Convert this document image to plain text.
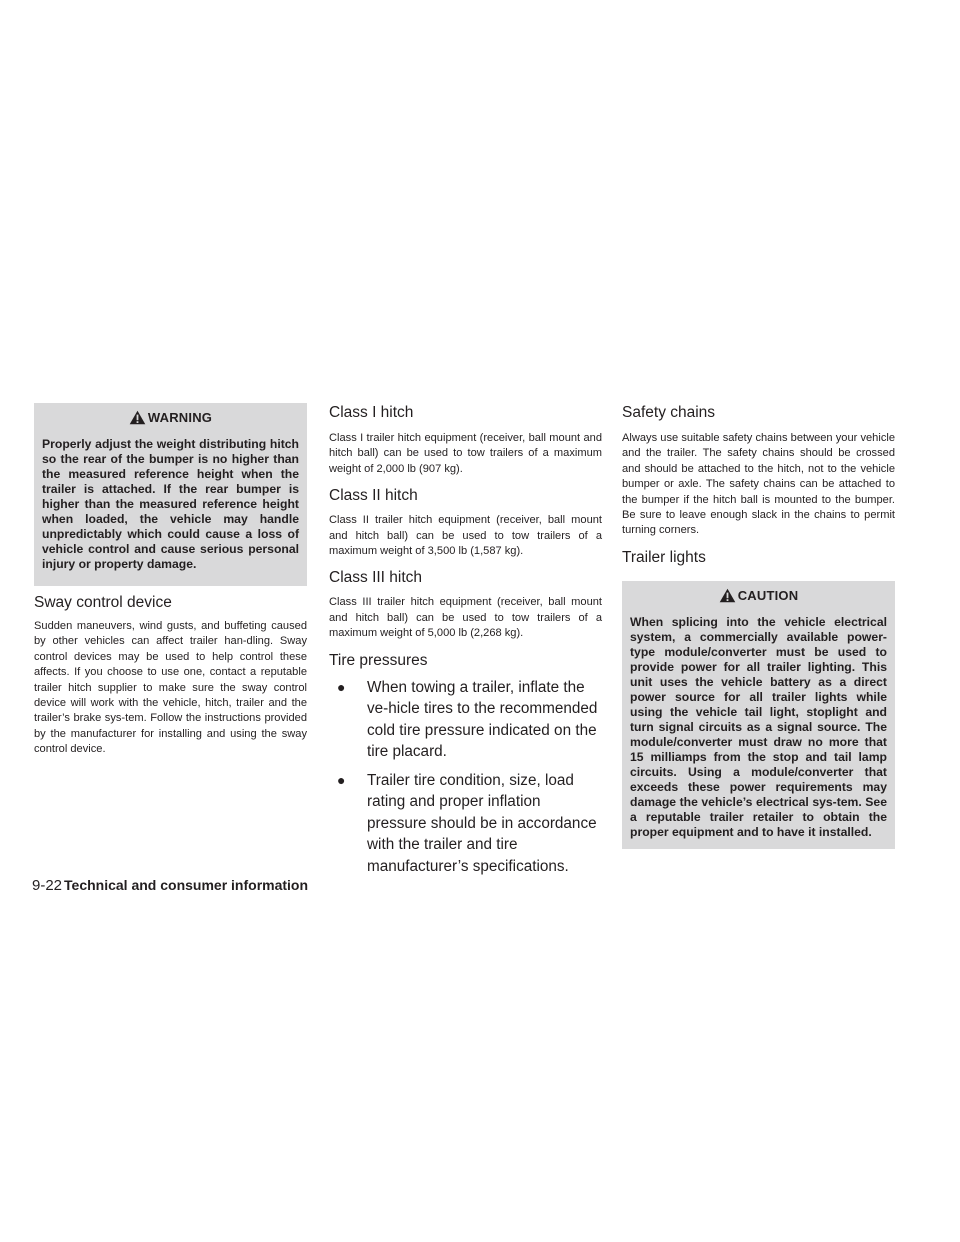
WARNING
Properly adjust the weight distributing hitch so the rear of the bumper is no higher than the measured reference height when the trailer is attached. If the rear bumper is higher than the measured reference height when loaded, the vehicle may handle unpredictably which could cause a loss of vehicle control and cause serious personal injury or property damage.
Sway control device

Sudden maneuvers, wind gusts, and buffeting caused by other vehicles can affect trailer han-dling. Sway control devices may be used to help control these affects. If you choose to use one, contact a reputable trailer hitch supplier to make sure the sway control device will work with the vehicle, hitch, trailer and the trailer’s brake sys-tem. Follow the instructions provided by the manufacturer for installing and using the sway control device.

Class I hitch

Class I trailer hitch equipment (receiver, ball mount and hitch ball) can be used to tow trailers of a maximum weight of 2,000 lb (907 kg).

Class II hitch

Class II trailer hitch equipment (receiver, ball mount and hitch ball) can be used to tow trailers of a maximum weight of 3,500 lb (1,587 kg).

Class III hitch

Class III trailer hitch equipment (receiver, ball mount and hitch ball) can be used to tow trailers of a maximum weight of 5,000 lb (2,268 kg).

Tire pressures
● When towing a trailer, inflate the ve-hicle tires to the recommended cold tire pressure indicated on the tire placard.
● Trailer tire condition, size, load rating and proper inflation pressure should be in accordance with the trailer and tire manufacturer’s specifications.
Safety chains

Always use suitable safety chains between your vehicle and the trailer. The safety chains should be crossed and should be attached to the hitch, not to the vehicle bumper or axle. The safety chains can be attached to the bumper if the hitch ball is mounted to the bumper. Be sure to leave enough slack in the chains to permit turning corners.

Trailer lights
CAUTION
When splicing into the vehicle electrical system, a commercially available power-type module/converter must be used to provide power for all trailer lighting. This unit uses the vehicle battery as a direct power source for all trailer lights while using the vehicle tail light, stoplight and turn signal circuits as a signal source. The module/converter must draw no more that 15 milliamps from the stop and tail lamp circuits. Using a module/converter that exceeds these power requirements may damage the vehicle’s electrical sys-tem. See a reputable trailer retailer to obtain the proper equipment and to have it installed.
9-22 Technical and consumer information
